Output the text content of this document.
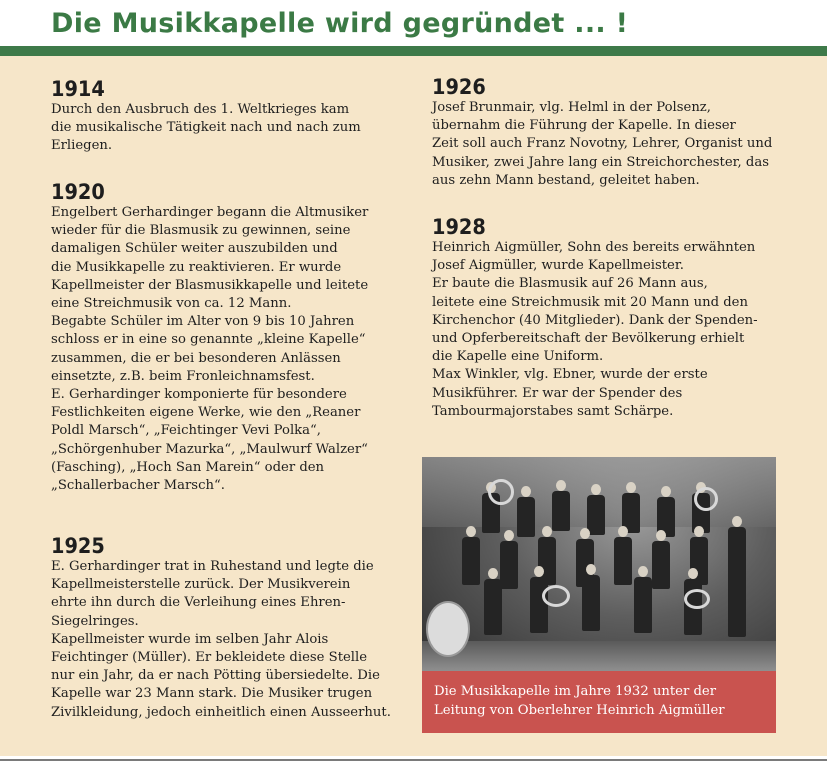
Die Musikkapelle wird gegründet ... !
1914

Durch den Ausbruch des 1. Weltkrieges kam
die musikalische Tätigkeit nach und nach zum
Erliegen.

1920

Engelbert Gerhardinger begann die Altmusiker
wieder für die Blasmusik zu gewinnen, seine
damaligen Schüler weiter auszubilden und
die Musikkapelle zu reaktivieren. Er wurde
Kapellmeister der Blasmusikkapelle und leitete
eine Streichmusik von ca. 12 Mann.
Begabte Schüler im Alter von 9 bis 10 Jahren
schloss er in eine so genannte „kleine Kapelle“
zusammen, die er bei besonderen Anlässen
einsetzte, z.B. beim Fronleichnamsfest.
E. Gerhardinger komponierte für besondere
Festlichkeiten eigene Werke, wie den „Reaner
Poldl Marsch“, „Feichtinger Vevi Polka“,
„Schörgenhuber Mazurka“, „Maulwurf Walzer“
(Fasching), „Hoch San Marein“ oder den
„Schallerbacher Marsch“.

1925

E. Gerhardinger trat in Ruhestand und legte die
Kapellmeisterstelle zurück. Der Musikverein
ehrte ihn durch die Verleihung eines Ehren-
Siegelringes.
Kapellmeister wurde im selben Jahr Alois
Feichtinger (Müller). Er bekleidete diese Stelle
nur ein Jahr, da er nach Pötting übersiedelte. Die
Kapelle war 23 Mann stark. Die Musiker trugen
Zivilkleidung, jedoch einheitlich einen Ausseerhut.

1926

Josef Brunmair, vlg. Helml in der Polsenz,
übernahm die Führung der Kapelle. In dieser
Zeit soll auch Franz Novotny, Lehrer, Organist und
Musiker, zwei Jahre lang ein Streichorchester, das
aus zehn Mann bestand, geleitet haben.

1928

Heinrich Aigmüller, Sohn des bereits erwähnten
Josef Aigmüller, wurde Kapellmeister.
Er baute die Blasmusik auf 26 Mann aus,
leitete eine Streichmusik mit 20 Mann und den
Kirchenchor (40 Mitglieder). Dank der Spenden-
und Opferbereitschaft der Bevölkerung erhielt
die Kapelle eine Uniform.
Max Winkler, vlg. Ebner, wurde der erste
Musikführer. Er war der Spender des
Tambourmajorstabes samt Schärpe.

Die Musikkapelle im Jahre 1932 unter der
Leitung von Oberlehrer Heinrich Aigmüller
